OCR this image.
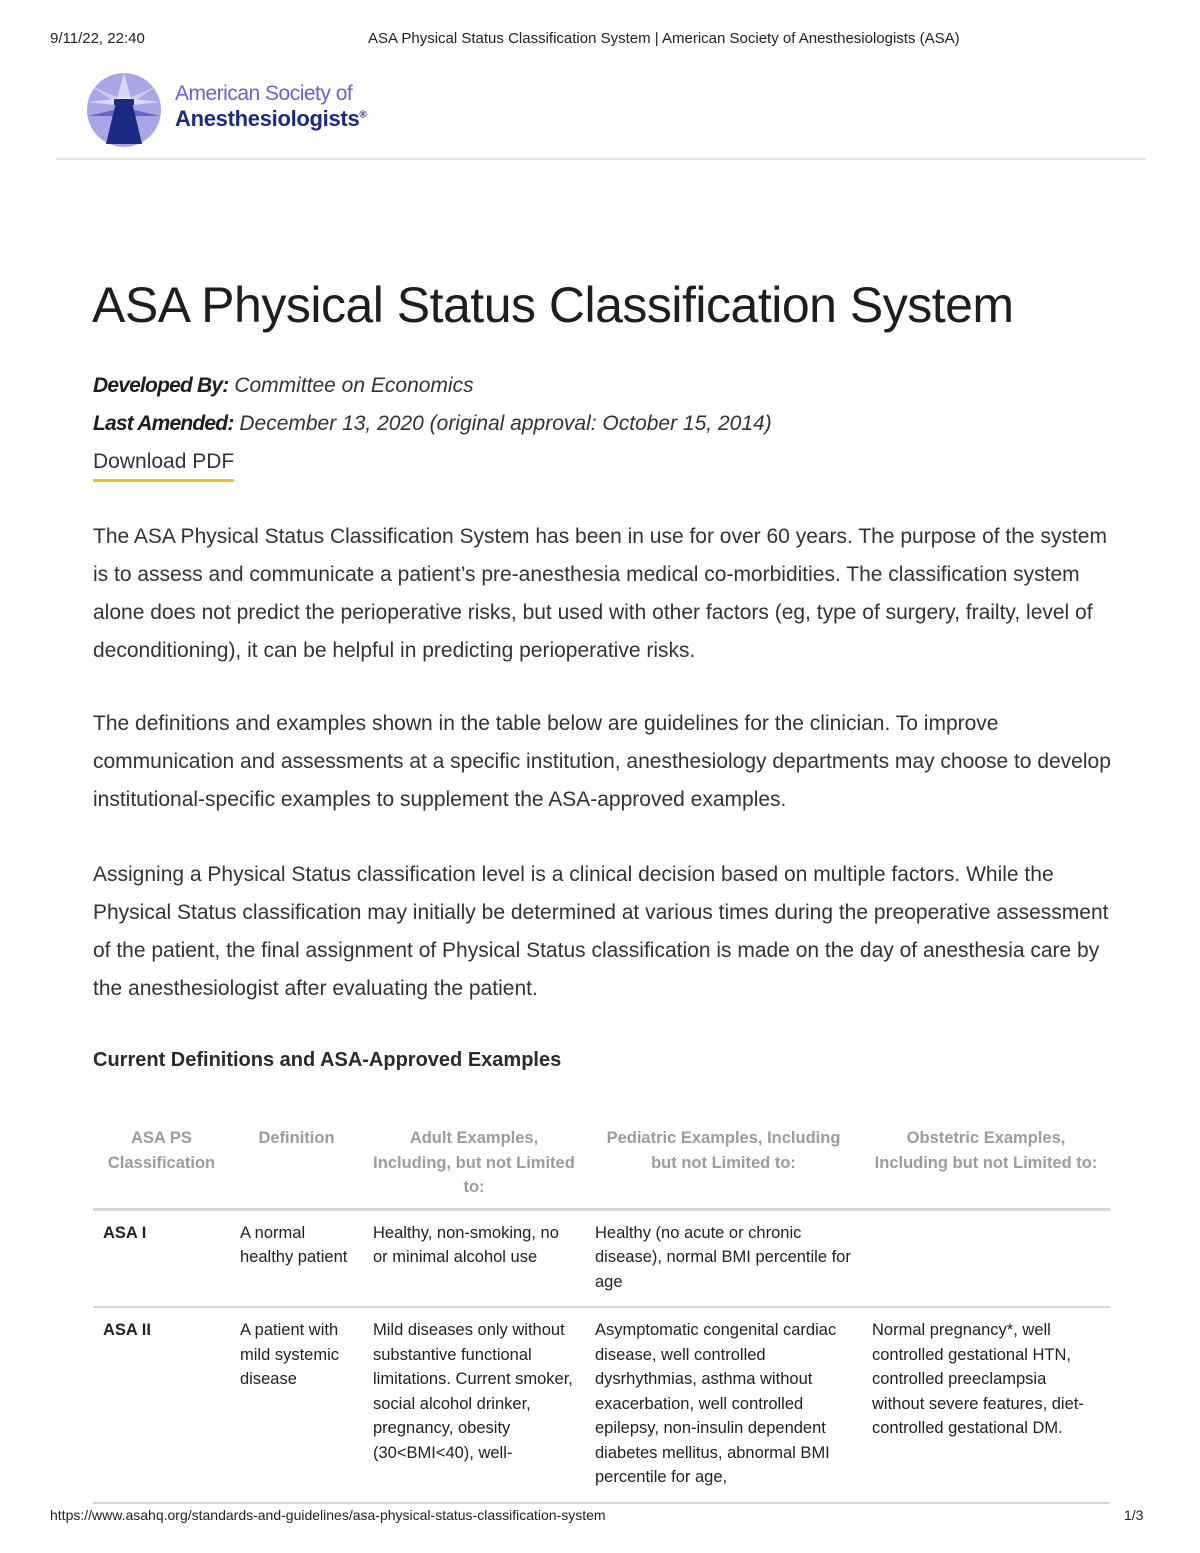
9/11/22, 22:40	ASA Physical Status Classification System | American Society of Anesthesiologists (ASA)
American Society of
Anesthesiologists®
ASA Physical Status Classification System
Developed By: Committee on Economics
Last Amended: December 13, 2020 (original approval: October 15, 2014)
Download PDF

The ASA Physical Status Classification System has been in use for over 60 years. The purpose of the system is to assess and communicate a patient’s pre-anesthesia medical co-morbidities. The classification system alone does not predict the perioperative risks, but used with other factors (eg, type of surgery, frailty, level of deconditioning), it can be helpful in predicting perioperative risks.

The definitions and examples shown in the table below are guidelines for the clinician. To improve communication and assessments at a specific institution, anesthesiology departments may choose to develop institutional-specific examples to supplement the ASA-approved examples.

Assigning a Physical Status classification level is a clinical decision based on multiple factors. While the Physical Status classification may initially be determined at various times during the preoperative assessment of the patient, the final assignment of Physical Status classification is made on the day of anesthesia care by the anesthesiologist after evaluating the patient.

Current Definitions and ASA-Approved Examples
ASA PS Classification	Definition	Adult Examples, Including, but not Limited to:	Pediatric Examples, Including but not Limited to:	Obstetric Examples, Including but not Limited to:
ASA I	A normal healthy patient	Healthy, non-smoking, no or minimal alcohol use	Healthy (no acute or chronic disease), normal BMI percentile for age	
ASA II	A patient with mild systemic disease	Mild diseases only without substantive functional limitations. Current smoker, social alcohol drinker, pregnancy, obesity (30<BMI<40), well-	Asymptomatic congenital cardiac disease, well controlled dysrhythmias, asthma without exacerbation, well controlled epilepsy, non-insulin dependent diabetes mellitus, abnormal BMI percentile for age,	Normal pregnancy*, well controlled gestational HTN, controlled preeclampsia without severe features, diet-controlled gestational DM.
https://www.asahq.org/standards-and-guidelines/asa-physical-status-classification-system	1/3
